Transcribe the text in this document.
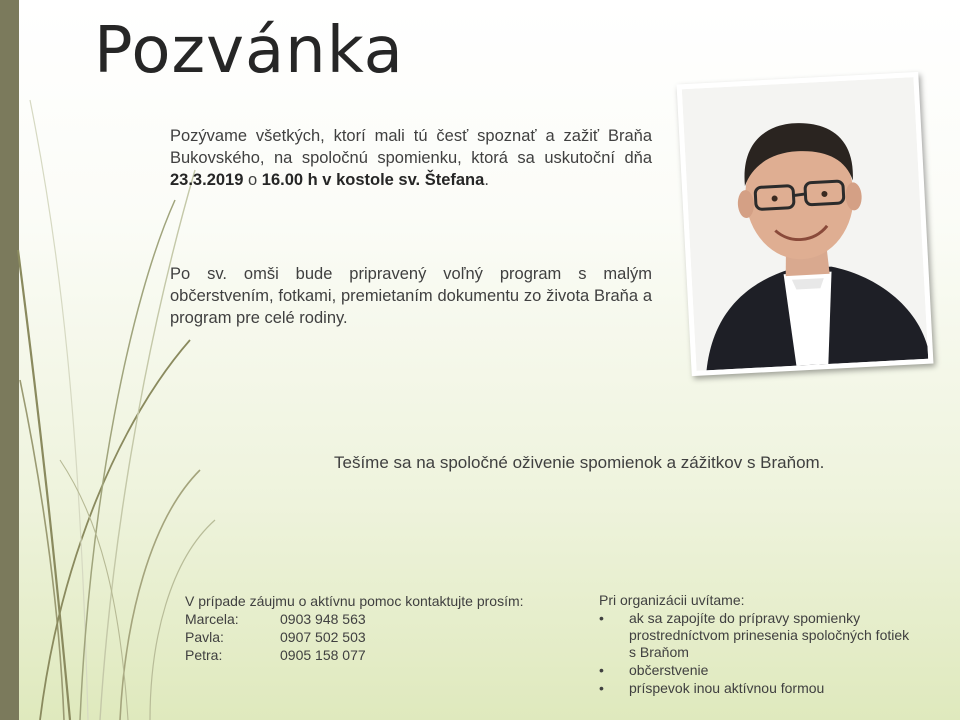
Pozvánka

Pozývame všetkých, ktorí mali tú česť spoznať a zažiť Braňa Bukovského, na spoločnú spomienku, ktorá sa uskutoční dňa 23.3.2019 o 16.00 h v kostole sv. Štefana.

Po sv. omši bude pripravený voľný program s malým občerstvením, fotkami, premietaním dokumentu zo života Braňa a program pre celé rodiny.

Tešíme sa na spoločné oživenie spomienok a zážitkov s Braňom.

V prípade záujmu o aktívnu pomoc kontaktujte prosím:
Marcela:	0903 948 563
Pavla:	0907 502 503
Petra:	0905 158 077
Pri organizácii uvítame:
•	ak sa zapojíte do prípravy spomienky prostredníctvom prinesenia spoločných fotiek s Braňom
•	občerstvenie
•	príspevok inou aktívnou formou
